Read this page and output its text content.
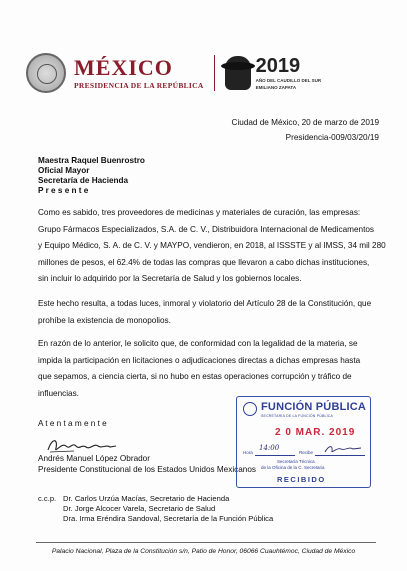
MÉXICO
PRESIDENCIA DE LA REPÚBLICA
2019
AÑO DEL CAUDILLO DEL SUR
EMILIANO ZAPATA
Ciudad de México, 20 de marzo de 2019
Presidencia-009/03/20/19
Maestra Raquel Buenrostro
Oficial Mayor
Secretaría de Hacienda
P r e s e n t e
Como es sabido, tres proveedores de medicinas y materiales de curación, las empresas:
Grupo Fármacos Especializados, S.A. de C. V., Distribuidora Internacional de Medicamentos
y Equipo Médico, S. A. de C. V. y MAYPO, vendieron, en 2018, al ISSSTE y al IMSS, 34 mil 280
millones de pesos, el 62.4% de todas las compras que llevaron a cabo dichas instituciones,
sin incluir lo adquirido por la Secretaría de Salud y los gobiernos locales.
Este hecho resulta, a todas luces, inmoral y violatorio del Artículo 28 de la Constitución, que
prohíbe la existencia de monopolios.
En razón de lo anterior, le solicito que, de conformidad con la legalidad de la materia, se
impida la participación en licitaciones o adjudicaciones directas a dichas empresas hasta
que sepamos, a ciencia cierta, si no hubo en estas operaciones corrupción y tráfico de
influencias.
A t e n t a m e n t e
Andrés Manuel López Obrador
Presidente Constitucional de los Estados Unidos Mexicanos
FUNCIÓN PÚBLICA
SECRETARÍA DE LA FUNCIÓN PÚBLICA
2 0 MAR. 2019
Hora
14:00
Recibe
Secretaría Técnica
de la Oficina de la C. Secretaria
RECIBIDO
c.c.p. Dr. Carlos Urzúa Macías, Secretario de Hacienda
Dr. Jorge Alcocer Varela, Secretario de Salud
Dra. Irma Eréndira Sandoval, Secretaría de la Función Pública
Palacio Nacional, Plaza de la Constitución s/n, Patio de Honor, 06066 Cuauhtémoc, Ciudad de México
